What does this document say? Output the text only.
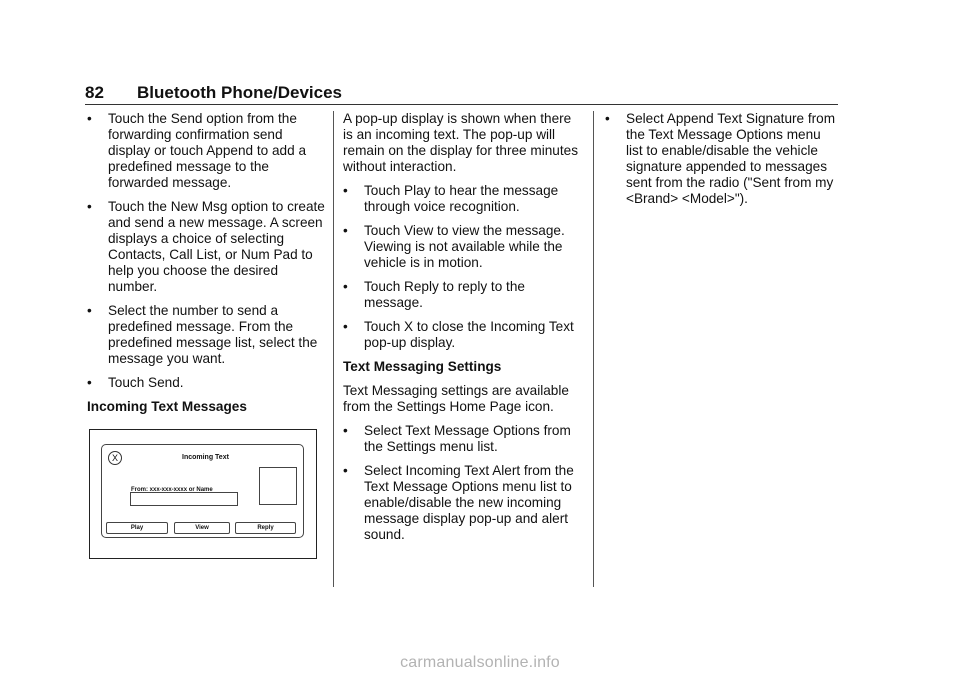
82 Bluetooth Phone/Devices
• Touch the Send option from the forwarding confirmation send display or touch Append to add a predefined message to the forwarded message.
• Touch the New Msg option to create and send a new message. A screen displays a choice of selecting Contacts, Call List, or Num Pad to help you choose the desired number.
• Select the number to send a predefined message. From the predefined message list, select the message you want.
• Touch Send.
Incoming Text Messages
X	Incoming Text
From: xxx-xxx-xxxx or Name
Play	View	Reply

A pop-up display is shown when there is an incoming text. The pop-up will remain on the display for three minutes without interaction.

• Touch Play to hear the message through voice recognition.
• Touch View to view the message. Viewing is not available while the vehicle is in motion.
• Touch Reply to reply to the message.
• Touch X to close the Incoming Text pop-up display.
Text Messaging Settings

Text Messaging settings are available from the Settings Home Page icon.

• Select Text Message Options from the Settings menu list.
• Select Incoming Text Alert from the Text Message Options menu list to enable/disable the new incoming message display pop-up and alert sound.
• Select Append Text Signature from the Text Message Options menu list to enable/disable the vehicle signature appended to messages sent from the radio ("Sent from my <Brand> <Model>").
carmanualsonline.info
